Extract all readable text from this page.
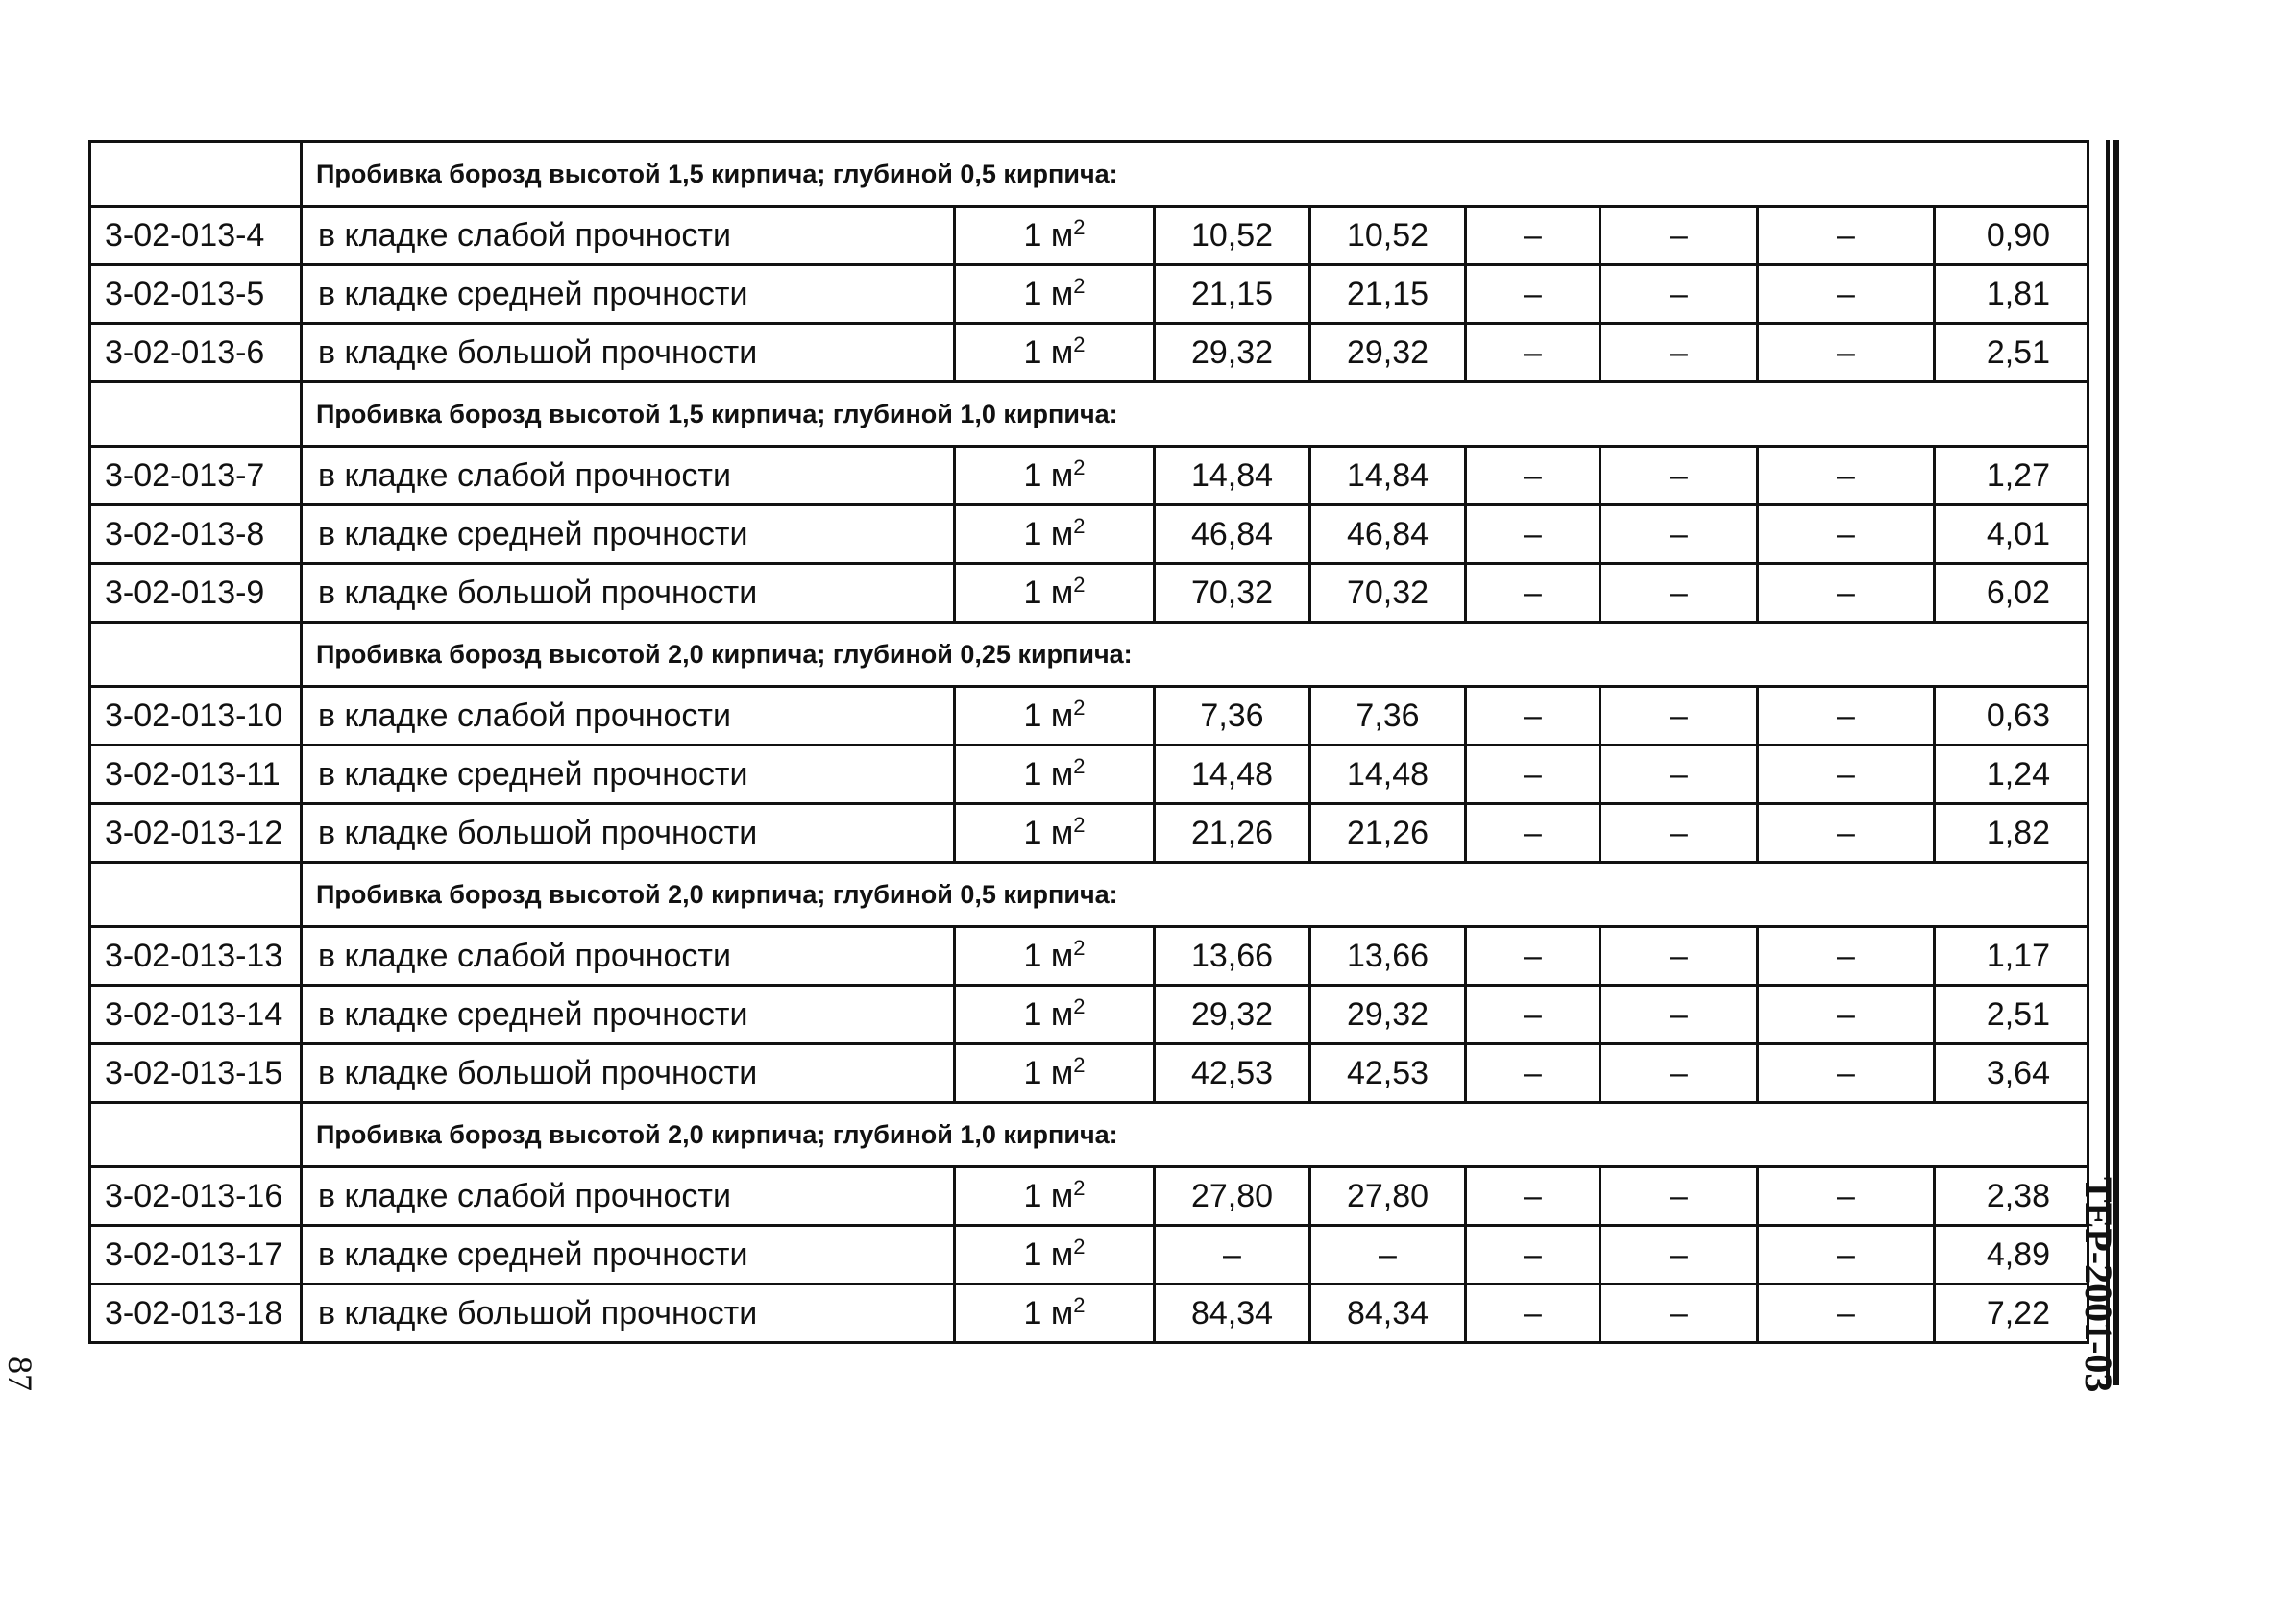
	Пробивка борозд высотой 1,5 кирпича; глубиной 0,5 кирпича:							
3-02-013-4	в кладке слабой прочности	1 $м^2$	10,52	10,52	–	–	–	0,90
3-02-013-5	в кладке средней прочности	1 $м^2$	21,15	21,15	–	–	–	1,81
3-02-013-6	в кладке большой прочности	1 $м^2$	29,32	29,32	–	–	–	2,51
	Пробивка борозд высотой 1,5 кирпича; глубиной 1,0 кирпича:							
3-02-013-7	в кладке слабой прочности	1 $м^2$	14,84	14,84	–	–	–	1,27
3-02-013-8	в кладке средней прочности	1 $м^2$	46,84	46,84	–	–	–	4,01
3-02-013-9	в кладке большой прочности	1 $м^2$	70,32	70,32	–	–	–	6,02
	Пробивка борозд высотой 2,0 кирпича; глубиной 0,25 кирпича:							
3-02-013-10	в кладке слабой прочности	1 $м^2$	7,36	7,36	–	–	–	0,63
3-02-013-11	в кладке средней прочности	1 $м^2$	14,48	14,48	–	–	–	1,24
3-02-013-12	в кладке большой прочности	1 $м^2$	21,26	21,26	–	–	–	1,82
	Пробивка борозд высотой 2,0 кирпича; глубиной 0,5 кирпича:							
3-02-013-13	в кладке слабой прочности	1 $м^2$	13,66	13,66	–	–	–	1,17
3-02-013-14	в кладке средней прочности	1 $м^2$	29,32	29,32	–	–	–	2,51
3-02-013-15	в кладке большой прочности	1 $м^2$	42,53	42,53	–	–	–	3,64
	Пробивка борозд высотой 2,0 кирпича; глубиной 1,0 кирпича:							
3-02-013-16	в кладке слабой прочности	1 $м^2$	27,80	27,80	–	–	–	2,38
3-02-013-17	в кладке средней прочности	1 $м^2$	–	–	–	–	–	4,89
3-02-013-18	в кладке большой прочности	1 $м^2$	84,34	84,34	–	–	–	7,22 ТЕР-2001-03
87
